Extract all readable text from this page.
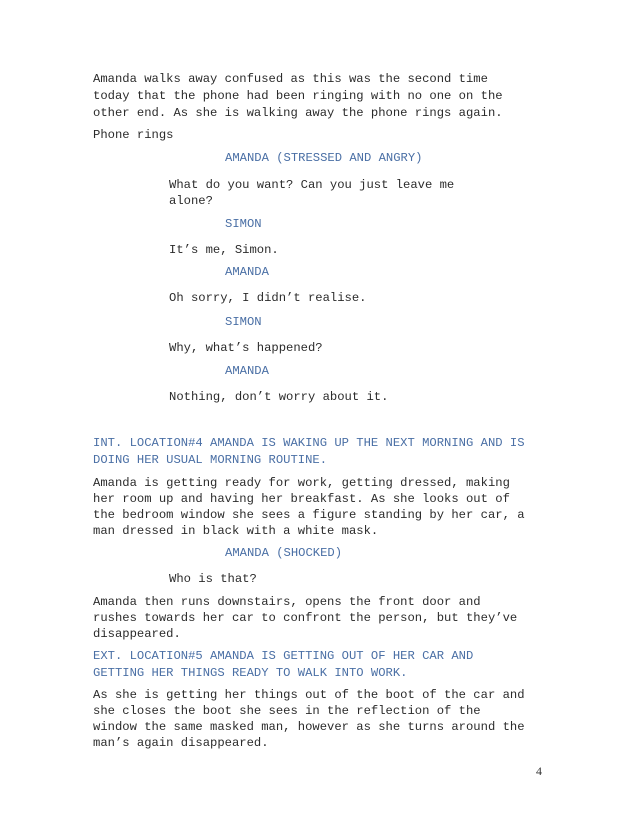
Amanda walks away confused as this was the second time
today that the phone had been ringing with no one on the
other end. As she is walking away the phone rings again.
Phone rings
AMANDA (STRESSED AND ANGRY)
What do you want? Can you just leave me
alone?
SIMON
It’s me, Simon.
AMANDA
Oh sorry, I didn’t realise.
SIMON
Why, what’s happened?
AMANDA
Nothing, don’t worry about it.
INT. LOCATION#4 AMANDA IS WAKING UP THE NEXT MORNING AND IS
DOING HER USUAL MORNING ROUTINE.
Amanda is getting ready for work, getting dressed, making
her room up and having her breakfast. As she looks out of
the bedroom window she sees a figure standing by her car, a
man dressed in black with a white mask.
AMANDA (SHOCKED)
Who is that?
Amanda then runs downstairs, opens the front door and
rushes towards her car to confront the person, but they’ve
disappeared.
EXT. LOCATION#5 AMANDA IS GETTING OUT OF HER CAR AND
GETTING HER THINGS READY TO WALK INTO WORK.
As she is getting her things out of the boot of the car and
she closes the boot she sees in the reflection of the
window the same masked man, however as she turns around the
man’s again disappeared.
4
